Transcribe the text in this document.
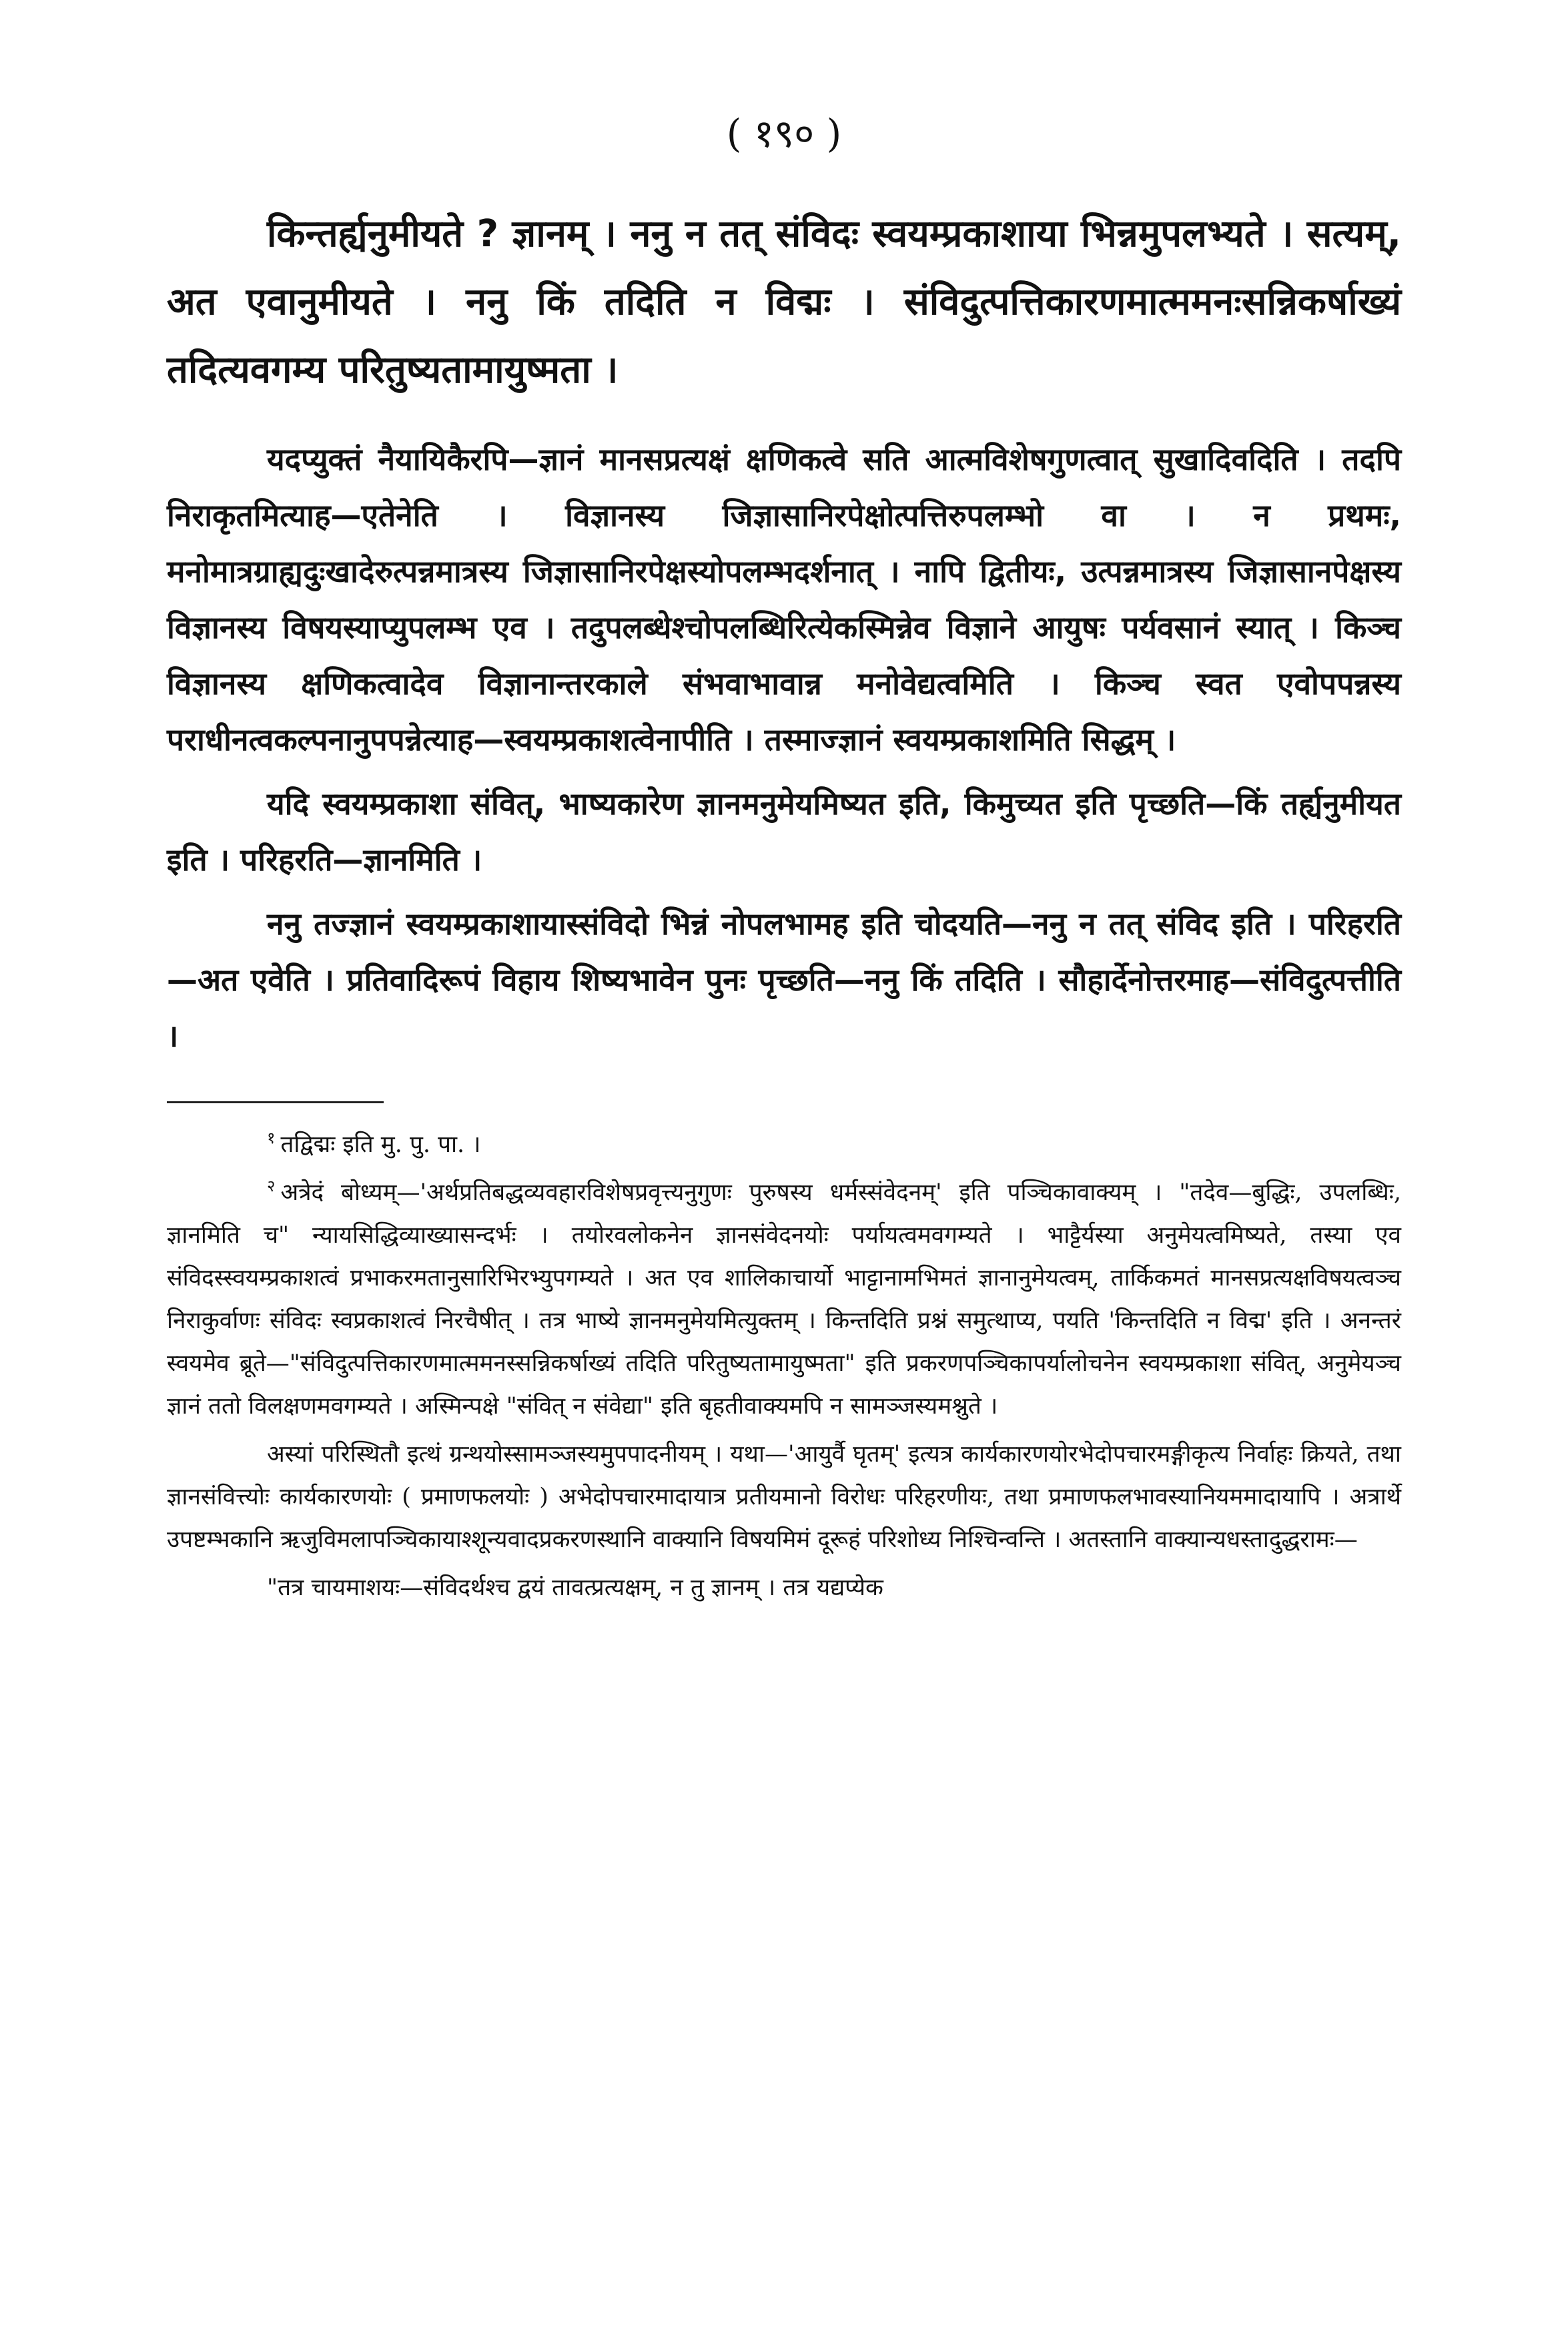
( १९० )

किन्तर्ह्यनुमीयते ? ज्ञानम् । ननु न तत् संविदः स्वयम्प्रकाशाया भिन्नमुपलभ्यते । सत्यम्, अत एवानुमीयते । ननु किं तदिति न विद्मः । संविदुत्पत्तिकारणमात्ममनःसन्निकर्षाख्यं तदित्यवगम्य परितुष्यतामायुष्मता ।

यदप्युक्तं नैयायिकैरपि—ज्ञानं मानसप्रत्यक्षं क्षणिकत्वे सति आत्मविशेषगुणत्वात् सुखादिवदिति । तदपि निराकृतमित्याह—एतेनेति । विज्ञानस्य जिज्ञासानिरपेक्षोत्पत्तिरुपलम्भो वा । न प्रथमः, मनोमात्रग्राह्यदुःखादेरुत्पन्नमात्रस्य जिज्ञासानिरपेक्षस्योपलम्भदर्शनात् । नापि द्वितीयः, उत्पन्नमात्रस्य जिज्ञासानपेक्षस्य विज्ञानस्य विषयस्याप्युपलम्भ एव । तदुपलब्धेश्चोपलब्धिरित्येकस्मिन्नेव विज्ञाने आयुषः पर्यवसानं स्यात् । किञ्च विज्ञानस्य क्षणिकत्वादेव विज्ञानान्तरकाले संभवाभावान्न मनोवेद्यत्वमिति । किञ्च स्वत एवोपपन्नस्य पराधीनत्वकल्पनानुपपन्नेत्याह—स्वयम्प्रकाशत्वेनापीति । तस्माज्ज्ञानं स्वयम्प्रकाशमिति सिद्धम् ।

यदि स्वयम्प्रकाशा संवित्, भाष्यकारेण ज्ञानमनुमेयमिष्यत इति, किमुच्यत इति पृच्छति—किं तर्ह्यनुमीयत इति । परिहरति—ज्ञानमिति ।

ननु तज्ज्ञानं स्वयम्प्रकाशायास्संविदो भिन्नं नोपलभामह इति चोदयति—ननु न तत् संविद इति । परिहरति—अत एवेति । प्रतिवादिरूपं विहाय शिष्यभावेन पुनः पृच्छति—ननु किं तदिति । सौहार्देनोत्तरमाह—संविदुत्पत्तीति ।

$^१$ तद्विद्मः इति मु. पु. पा. ।

$^२$ अत्रेदं बोध्यम्—'अर्थप्रतिबद्धव्यवहारविशेषप्रवृत्त्यनुगुणः पुरुषस्य धर्मस्संवेदनम्' इति पञ्चिकावाक्यम् । "तदेव—बुद्धिः, उपलब्धिः, ज्ञानमिति च" न्यायसिद्धिव्याख्यासन्दर्भः । तयोरवलोकनेन ज्ञानसंवेदनयोः पर्यायत्वमवगम्यते । भाट्टैर्यस्या अनुमेयत्वमिष्यते, तस्या एव संविदस्स्वयम्प्रकाशत्वं प्रभाकरमतानुसारिभिरभ्युपगम्यते । अत एव शालिकाचार्यो भाट्टानामभिमतं ज्ञानानुमेयत्वम्, तार्किकमतं मानसप्रत्यक्षविषयत्वञ्च निराकुर्वाणः संविदः स्वप्रकाशत्वं निरचैषीत् । तत्र भाष्ये ज्ञानमनुमेयमित्युक्तम् । किन्तदिति प्रश्नं समुत्थाप्य, पयति 'किन्तदिति न विद्म' इति । अनन्तरं स्वयमेव ब्रूते—"संविदुत्पत्तिकारणमात्ममनस्सन्निकर्षाख्यं तदिति परितुष्यतामायुष्मता" इति प्रकरणपञ्चिकापर्यालोचनेन स्वयम्प्रकाशा संवित्, अनुमेयञ्च ज्ञानं ततो विलक्षणमवगम्यते । अस्मिन्पक्षे "संवित् न संवेद्या" इति बृहतीवाक्यमपि न सामञ्जस्यमश्नुते ।

अस्यां परिस्थितौ इत्थं ग्रन्थयोस्सामञ्जस्यमुपपादनीयम् । यथा—'आयुर्वै घृतम्' इत्यत्र कार्यकारणयोरभेदोपचारमङ्गीकृत्य निर्वाहः क्रियते, तथा ज्ञानसंवित्त्योः कार्यकारणयोः ( प्रमाणफलयोः ) अभेदोपचारमादायात्र प्रतीयमानो विरोधः परिहरणीयः, तथा प्रमाणफलभावस्यानियममादायापि । अत्रार्थे उपष्टम्भकानि ऋजुविमलापञ्चिकायाश्शून्यवादप्रकरणस्थानि वाक्यानि विषयमिमं दूरूहं परिशोध्य निश्चिन्वन्ति । अतस्तानि वाक्यान्यधस्तादुद्धरामः—

"तत्र चायमाशयः—संविदर्थश्च द्वयं तावत्प्रत्यक्षम्, न तु ज्ञानम् । तत्र यद्यप्येक
